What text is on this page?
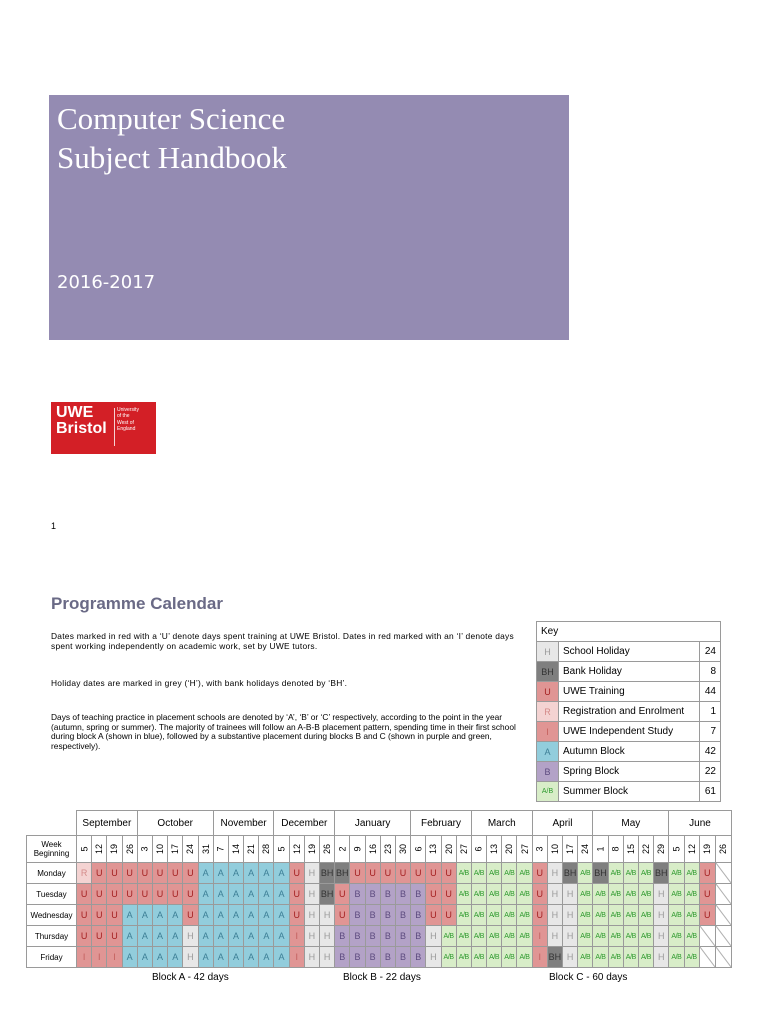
Computer Science
Subject Handbook
2016-2017
UWE
Bristol
University
of the
West of
England
1
Programme Calendar

Dates marked in red with a ‘U’ denote days spent training at UWE Bristol. Dates in red marked with an ‘I’ denote days spent working independently on academic work, set by UWE tutors.

Holiday dates are marked in grey (‘H’), with bank holidays denoted by ‘BH’.

Days of teaching practice in placement schools are denoted by ‘A’, ‘B’ or ‘C’ respectively, according to the point in the year (autumn, spring or summer). The majority of trainees will follow an A-B-B placement pattern, spending time in their first school during block A (shown in blue), followed by a substantive placement during blocks B and C (shown in purple and green, respectively).

Key		
H	School Holiday	24
BH	Bank Holiday	8
U	UWE Training	44
R	Registration and Enrolment	1
I	UWE Independent Study	7
A	Autumn Block	42
B	Spring Block	22
A/B	Summer Block	61
	September				October					November				December				January					February				March				April				May					June			
Week Beginning	5	12	19	26	3	10	17	24	31	7	14	21	28	5	12	19	26	2	9	16	23	30	6	13	20	27	6	13	20	27	3	10	17	24	1	8	15	22	29	5	12	19	26
Monday	R	U	U	U	U	U	U	U	A	A	A	A	A	A	U	H	BH	BH	U	U	U	U	U	U	U	A/B	A/B	A/B	A/B	A/B	U	H	BH	A/B	BH	A/B	A/B	A/B	BH	A/B	A/B	U	

Tuesday	U	U	U	U	U	U	U	U	A	A	A	A	A	A	U	H	BH	U	B	B	B	B	B	U	U	A/B	A/B	A/B	A/B	A/B	U	H	H	A/B	A/B	A/B	A/B	A/B	H	A/B	A/B	U	

Wednesday	U	U	U	A	A	A	A	U	A	A	A	A	A	A	U	H	H	U	B	B	B	B	B	U	U	A/B	A/B	A/B	A/B	A/B	U	H	H	A/B	A/B	A/B	A/B	A/B	H	A/B	A/B	U	

Thursday	U	U	U	A	A	A	A	H	A	A	A	A	A	A	I	H	H	B	B	B	B	B	B	H	A/B	A/B	A/B	A/B	A/B	A/B	I	H	H	A/B	A/B	A/B	A/B	A/B	H	A/B	A/B	

Friday	I	I	I	A	A	A	A	H	A	A	A	A	A	A	I	H	H	B	B	B	B	B	B	H	A/B	A/B	A/B	A/B	A/B	A/B	I	BH	H	A/B	A/B	A/B	A/B	A/B	H	A/B	A/B	

Block A - 42 days	Block B - 22 days	Block C - 60 days
